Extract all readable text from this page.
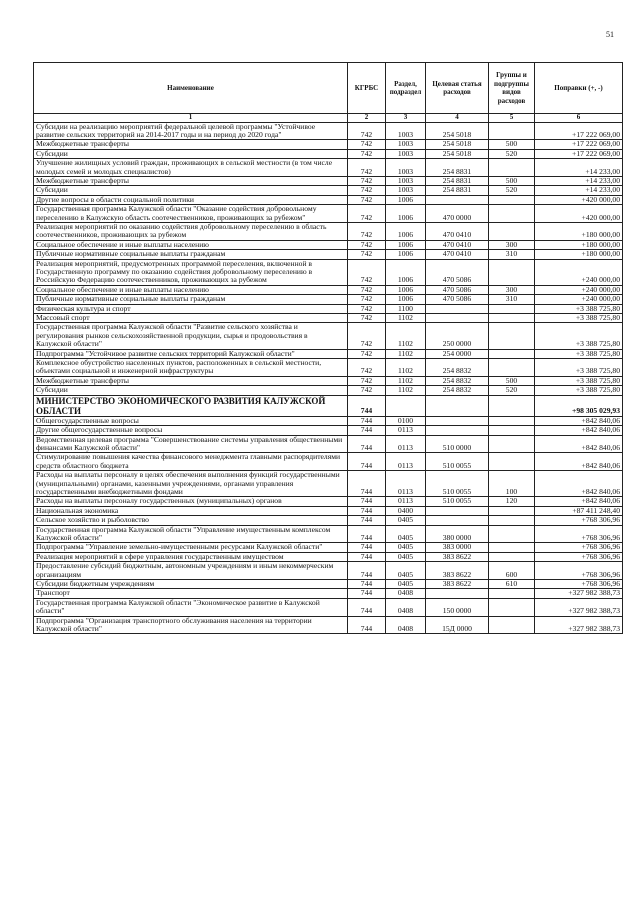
51
Наименование	КГРБС	Раздел, подраздел	Целевая статья расходов	Группы и подгруппы видов расходов	Поправки (+, -)
1	2	3	4	5	6
Субсидии на реализацию мероприятий федеральной целевой программы "Устойчивое развитие сельских территорий на 2014-2017 годы и на период до 2020 года"	742	1003	254 5018		+17 222 069,00
Межбюджетные трансферты	742	1003	254 5018	500	+17 222 069,00
Субсидии	742	1003	254 5018	520	+17 222 069,00
Улучшение жилищных условий граждан, проживающих в сельской местности (в том числе молодых семей и молодых специалистов)	742	1003	254 8831		+14 233,00
Межбюджетные трансферты	742	1003	254 8831	500	+14 233,00
Субсидии	742	1003	254 8831	520	+14 233,00
Другие вопросы в области социальной политики	742	1006			+420 000,00
Государственная программа Калужской области "Оказание содействия добровольному переселению в Калужскую область соотечественников, проживающих за рубежом"	742	1006	470 0000		+420 000,00
Реализация мероприятий по оказанию содействия добровольному переселению в область соотечественников, проживающих за рубежом	742	1006	470 0410		+180 000,00
Социальное обеспечение и иные выплаты населению	742	1006	470 0410	300	+180 000,00
Публичные нормативные социальные выплаты гражданам	742	1006	470 0410	310	+180 000,00
Реализация мероприятий, предусмотренных программой переселения, включенной в Государственную программу по оказанию содействия добровольному переселению в Российскую Федерацию соотечественников, проживающих за рубежом	742	1006	470 5086		+240 000,00
Социальное обеспечение и иные выплаты населению	742	1006	470 5086	300	+240 000,00
Публичные нормативные социальные выплаты гражданам	742	1006	470 5086	310	+240 000,00
Физическая культура и спорт	742	1100			+3 388 725,80
Массовый спорт	742	1102			+3 388 725,80
Государственная программа Калужской области "Развитие сельского хозяйства и регулирования рынков сельскохозяйственной продукции, сырья и продовольствия в Калужской области"	742	1102	250 0000		+3 388 725,80
Подпрограмма "Устойчивое развитие сельских территорий Калужской области"	742	1102	254 0000		+3 388 725,80
Комплексное обустройство населенных пунктов, расположенных в сельской местности, объектами социальной и инженерной инфраструктуры	742	1102	254 8832		+3 388 725,80
Межбюджетные трансферты	742	1102	254 8832	500	+3 388 725,80
Субсидии	742	1102	254 8832	520	+3 388 725,80
МИНИСТЕРСТВО ЭКОНОМИЧЕСКОГО РАЗВИТИЯ КАЛУЖСКОЙ ОБЛАСТИ	744				+98 305 029,93
Общегосударственные вопросы	744	0100			+842 840,06
Другие общегосударственные вопросы	744	0113			+842 840,06
Ведомственная целевая программа "Совершенствование системы управления общественными финансами Калужской области"	744	0113	510 0000		+842 840,06
Стимулирование повышения качества финансового менеджмента главными распорядителями средств областного бюджета	744	0113	510 0055		+842 840,06
Расходы на выплаты персоналу в целях обеспечения выполнения функций государственными (муниципальными) органами, казенными учреждениями, органами управления государственными внебюджетными фондами	744	0113	510 0055	100	+842 840,06
Расходы на выплаты персоналу государственных (муниципальных) органов	744	0113	510 0055	120	+842 840,06
Национальная экономика	744	0400			+87 411 248,40
Сельское хозяйство и рыболовство	744	0405			+768 306,96
Государственная программа Калужской области "Управление имущественным комплексом Калужской области"	744	0405	380 0000		+768 306,96
Подпрограмма "Управление земельно-имущественными ресурсами Калужской области"	744	0405	383 0000		+768 306,96
Реализация мероприятий в сфере управления государственным имуществом	744	0405	383 8622		+768 306,96
Предоставление субсидий бюджетным, автономным учреждениям и иным некоммерческим организациям	744	0405	383 8622	600	+768 306,96
Субсидии бюджетным учреждениям	744	0405	383 8622	610	+768 306,96
Транспорт	744	0408			+327 982 388,73
Государственная программа Калужской области "Экономическое развитие в Калужской области"	744	0408	150 0000		+327 982 388,73
Подпрограмма "Организация транспортного обслуживания населения на территории Калужской области"	744	0408	15Д 0000		+327 982 388,73
